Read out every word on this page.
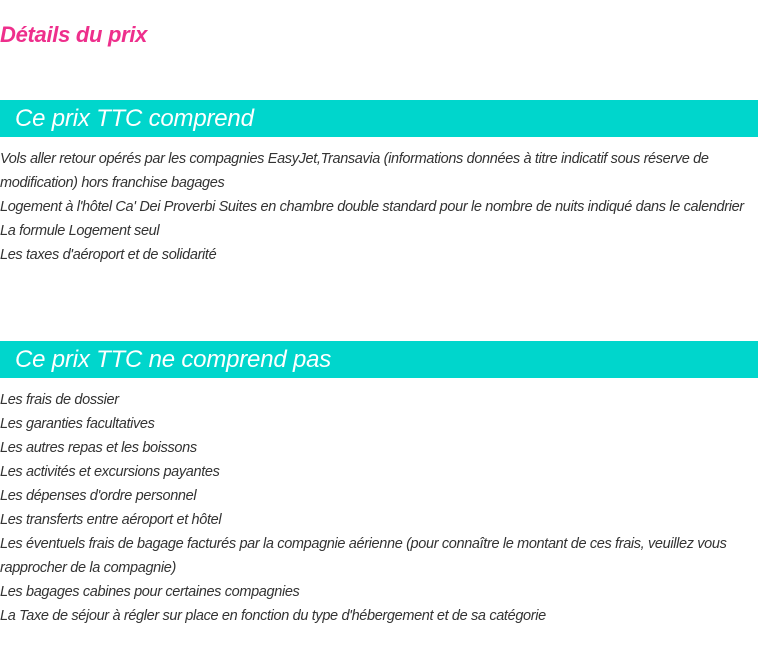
Détails du prix
Ce prix TTC comprend
Vols aller retour opérés par les compagnies EasyJet,Transavia (informations données à titre indicatif sous réserve de modification) hors franchise bagages
Logement à l'hôtel Ca' Dei Proverbi Suites en chambre double standard pour le nombre de nuits indiqué dans le calendrier
La formule Logement seul
Les taxes d'aéroport et de solidarité
Ce prix TTC ne comprend pas
Les frais de dossier
Les garanties facultatives
Les autres repas et les boissons
Les activités et excursions payantes
Les dépenses d'ordre personnel
Les transferts entre aéroport et hôtel
Les éventuels frais de bagage facturés par la compagnie aérienne (pour connaître le montant de ces frais, veuillez vous rapprocher de la compagnie)
Les bagages cabines pour certaines compagnies
La Taxe de séjour à régler sur place en fonction du type d'hébergement et de sa catégorie
